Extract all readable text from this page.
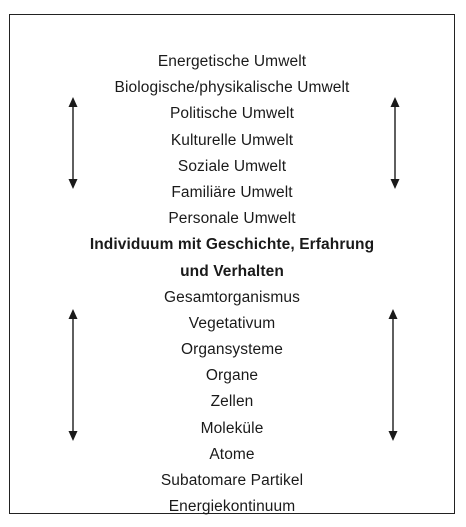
Energetische Umwelt
Biologische/physikalische Umwelt
Politische Umwelt
Kulturelle Umwelt
Soziale Umwelt
Familiäre Umwelt
Personale Umwelt
Individuum mit Geschichte, Erfahrung
und Verhalten
Gesamtorganismus
Vegetativum
Organsysteme
Organe
Zellen
Moleküle
Atome
Subatomare Partikel
Energiekontinuum
